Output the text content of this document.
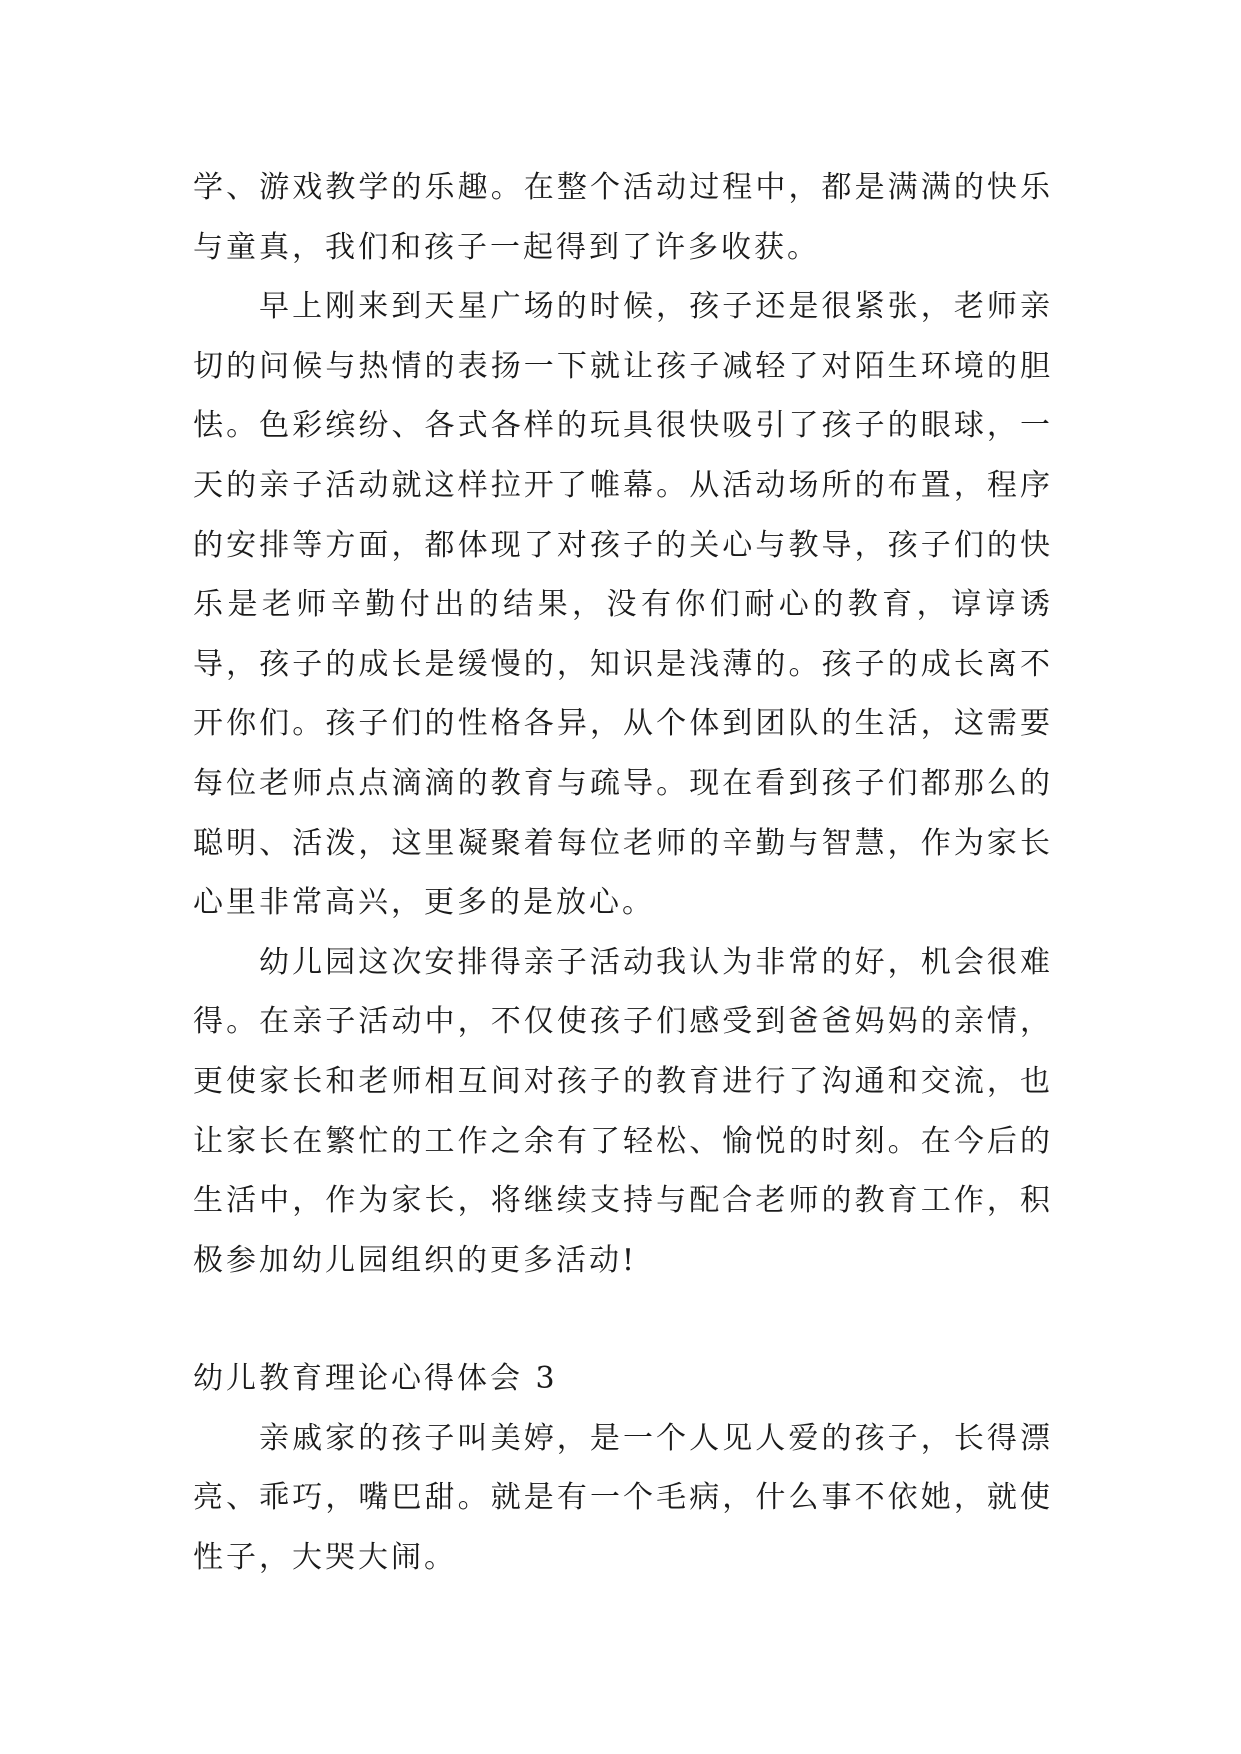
学、游戏教学的乐趣。在整个活动过程中，都是满满的快乐与童真，我们和孩子一起得到了许多收获。

早上刚来到天星广场的时候，孩子还是很紧张，老师亲切的问候与热情的表扬一下就让孩子减轻了对陌生环境的胆怯。色彩缤纷、各式各样的玩具很快吸引了孩子的眼球，一天的亲子活动就这样拉开了帷幕。从活动场所的布置，程序的安排等方面，都体现了对孩子的关心与教导，孩子们的快乐是老师辛勤付出的结果，没有你们耐心的教育，谆谆诱导，孩子的成长是缓慢的，知识是浅薄的。孩子的成长离不开你们。孩子们的性格各异，从个体到团队的生活，这需要每位老师点点滴滴的教育与疏导。现在看到孩子们都那么的聪明、活泼，这里凝聚着每位老师的辛勤与智慧，作为家长心里非常高兴，更多的是放心。

幼儿园这次安排得亲子活动我认为非常的好，机会很难得。在亲子活动中，不仅使孩子们感受到爸爸妈妈的亲情，更使家长和老师相互间对孩子的教育进行了沟通和交流，也让家长在繁忙的工作之余有了轻松、愉悦的时刻。在今后的生活中，作为家长，将继续支持与配合老师的教育工作，积极参加幼儿园组织的更多活动!

幼儿教育理论心得体会 3

亲戚家的孩子叫美婷，是一个人见人爱的孩子，长得漂亮、乖巧，嘴巴甜。就是有一个毛病，什么事不依她，就使性子，大哭大闹。
